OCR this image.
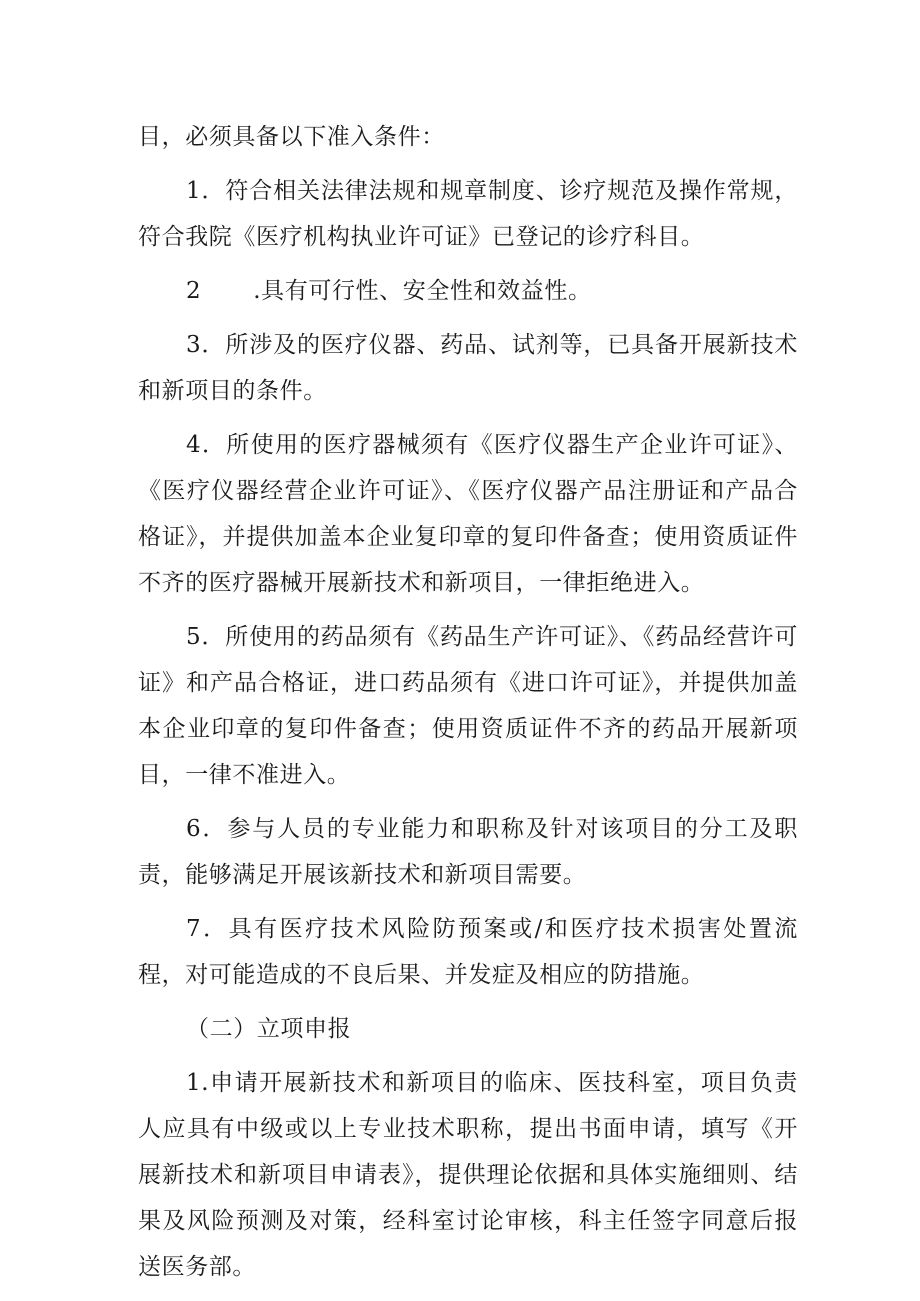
目，必须具备以下准入条件：

1．符合相关法律法规和规章制度、诊疗规范及操作常规，符合我院《医疗机构执业许可证》已登记的诊疗科目。

2 .具有可行性、安全性和效益性。

3．所涉及的医疗仪器、药品、试剂等，已具备开展新技术和新项目的条件。

4．所使用的医疗器械须有《医疗仪器生产企业许可证》、《医疗仪器经营企业许可证》、《医疗仪器产品注册证和产品合格证》，并提供加盖本企业复印章的复印件备查；使用资质证件不齐的医疗器械开展新技术和新项目，一律拒绝进入。

5．所使用的药品须有《药品生产许可证》、《药品经营许可证》和产品合格证，进口药品须有《进口许可证》，并提供加盖本企业印章的复印件备查；使用资质证件不齐的药品开展新项目，一律不准进入。

6．参与人员的专业能力和职称及针对该项目的分工及职责，能够满足开展该新技术和新项目需要。

7．具有医疗技术风险防预案或/和医疗技术损害处置流程，对可能造成的不良后果、并发症及相应的防措施。

（二）立项申报

1.申请开展新技术和新项目的临床、医技科室，项目负责人应具有中级或以上专业技术职称，提出书面申请，填写《开展新技术和新项目申请表》，提供理论依据和具体实施细则、结果及风险预测及对策，经科室讨论审核，科主任签字同意后报送医务部。
